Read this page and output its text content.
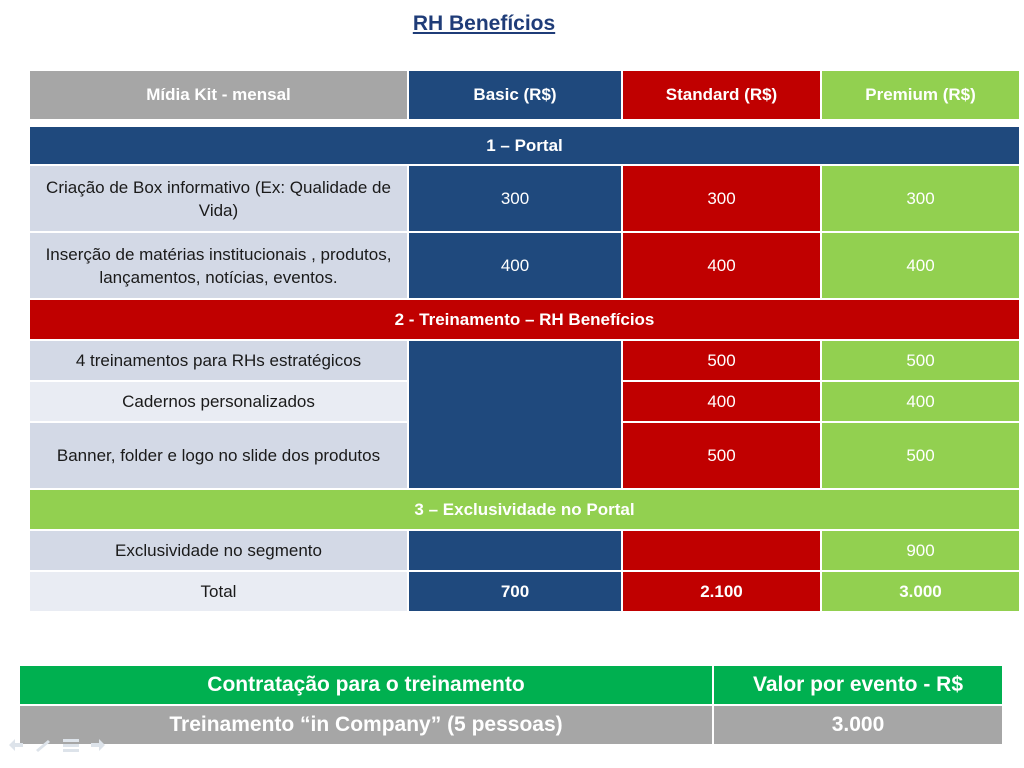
RH Benefícios
Mídia Kit - mensal	Basic (R$)	Standard (R$)	Premium (R$)

1 – Portal			
Criação de Box informativo (Ex: Qualidade de Vida)	300	300	300
Inserção de matérias institucionais , produtos, lançamentos, notícias, eventos.	400	400	400
2 - Treinamento – RH Benefícios			
4 treinamentos para RHs estratégicos		500	500
Cadernos personalizados		400	400
Banner, folder e logo no slide dos produtos		500	500
3 – Exclusividade no Portal			
Exclusividade no segmento			900
Total	700	2.100	3.000
Contratação para o treinamento	Valor por evento - R$
Treinamento “in Company” (5 pessoas)	3.000
